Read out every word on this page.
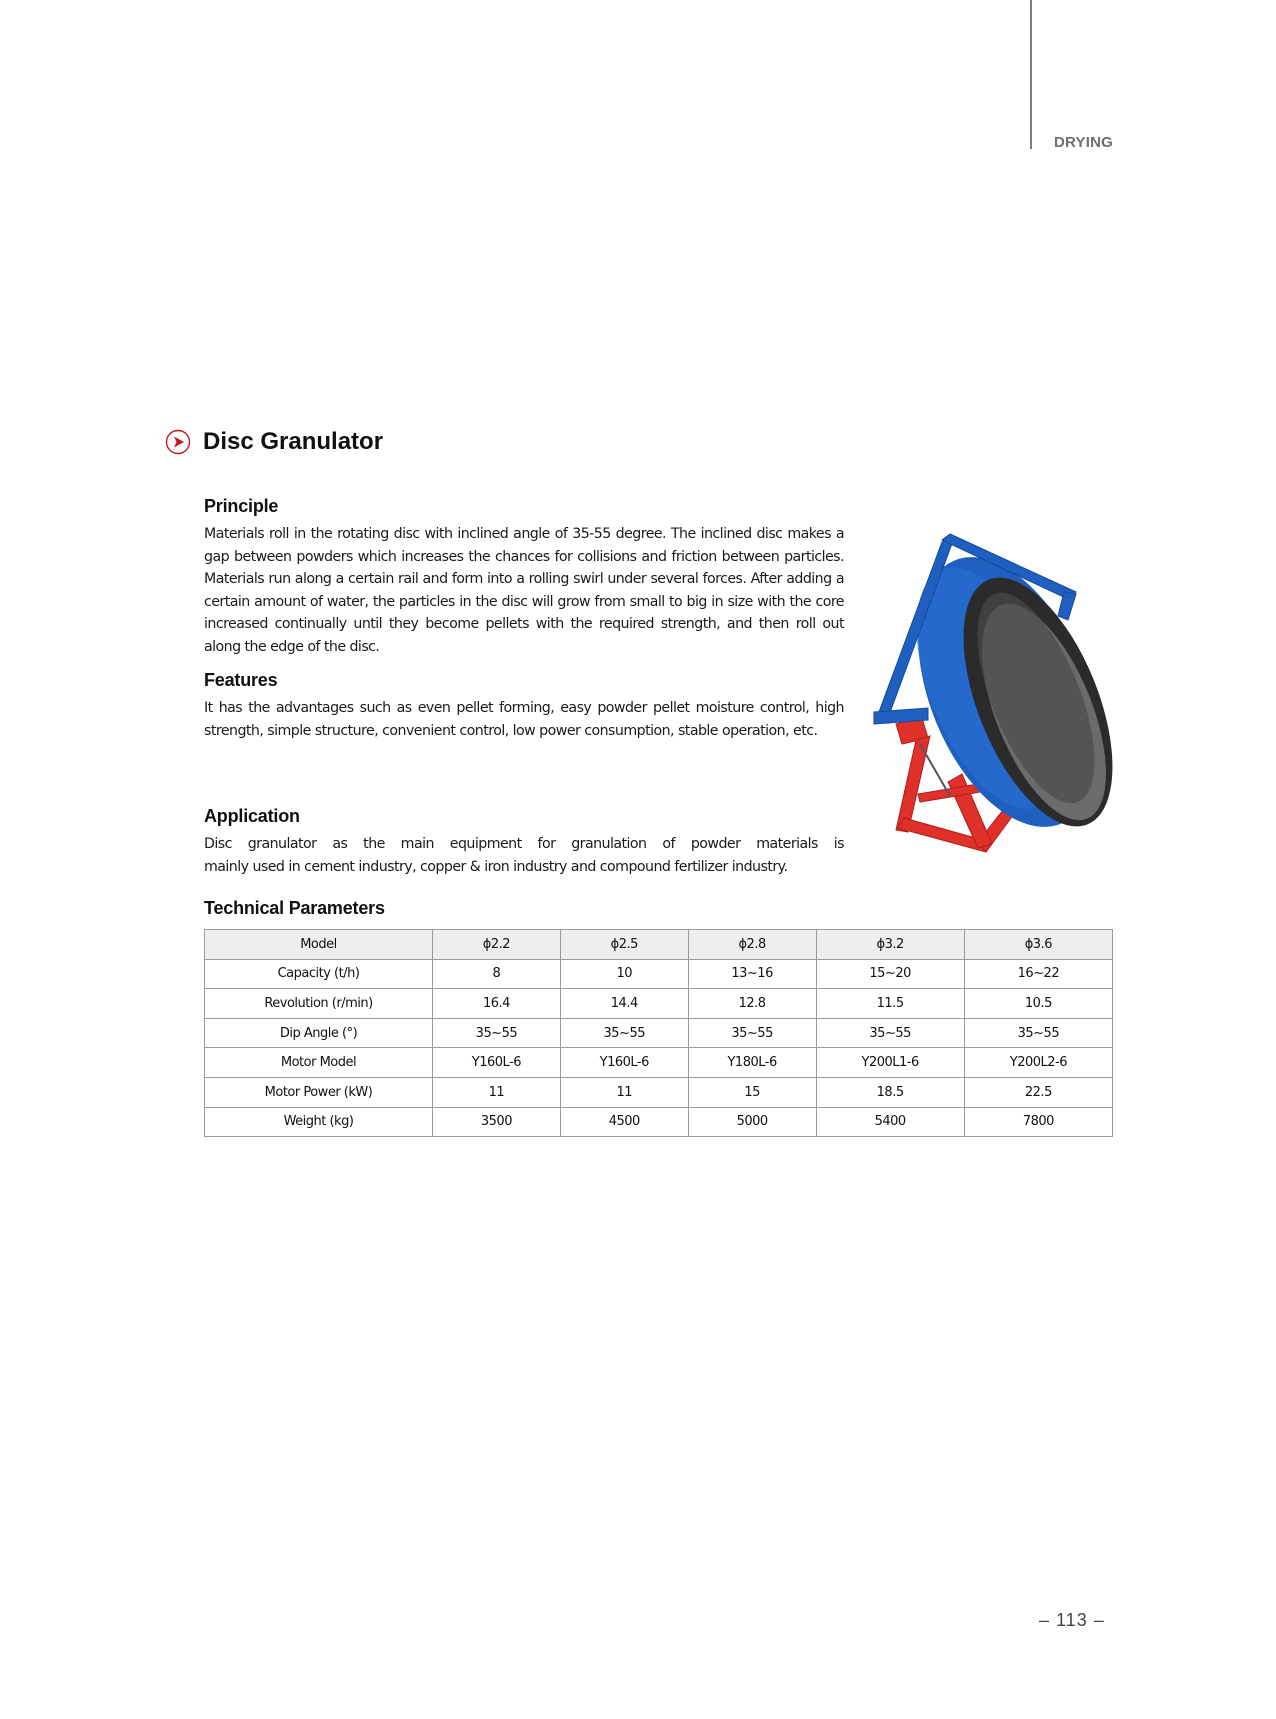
DRYING
Disc Granulator
Principle

Materials roll in the rotating disc with inclined angle of 35-55 degree. The inclined disc makes a gap between powders which increases the chances for collisions and friction between particles. Materials run along a certain rail and form into a rolling swirl under several forces. After adding a certain amount of water, the particles in the disc will grow from small to big in size with the core increased continually until they become pellets with the required strength, and then roll out along the edge of the disc.

Features

It has the advantages such as even pellet forming, easy powder pellet moisture control, high strength, simple structure, convenient control, low power consumption, stable operation, etc.

Application

Disc granulator as the main equipment for granulation of powder materials is

mainly used in cement industry, copper & iron industry and compound fertilizer industry.

Technical Parameters
Model	ϕ2.2	ϕ2.5	ϕ2.8	ϕ3.2	ϕ3.6
Capacity (t/h)	8	10	13~16	15~20	16~22
Revolution (r/min)	16.4	14.4	12.8	11.5	10.5
Dip Angle (°)	35~55	35~55	35~55	35~55	35~55
Motor Model	Y160L-6	Y160L-6	Y180L-6	Y200L1-6	Y200L2-6
Motor Power (kW)	11	11	15	18.5	22.5
Weight (kg)	3500	4500	5000	5400	7800
– 113 –
